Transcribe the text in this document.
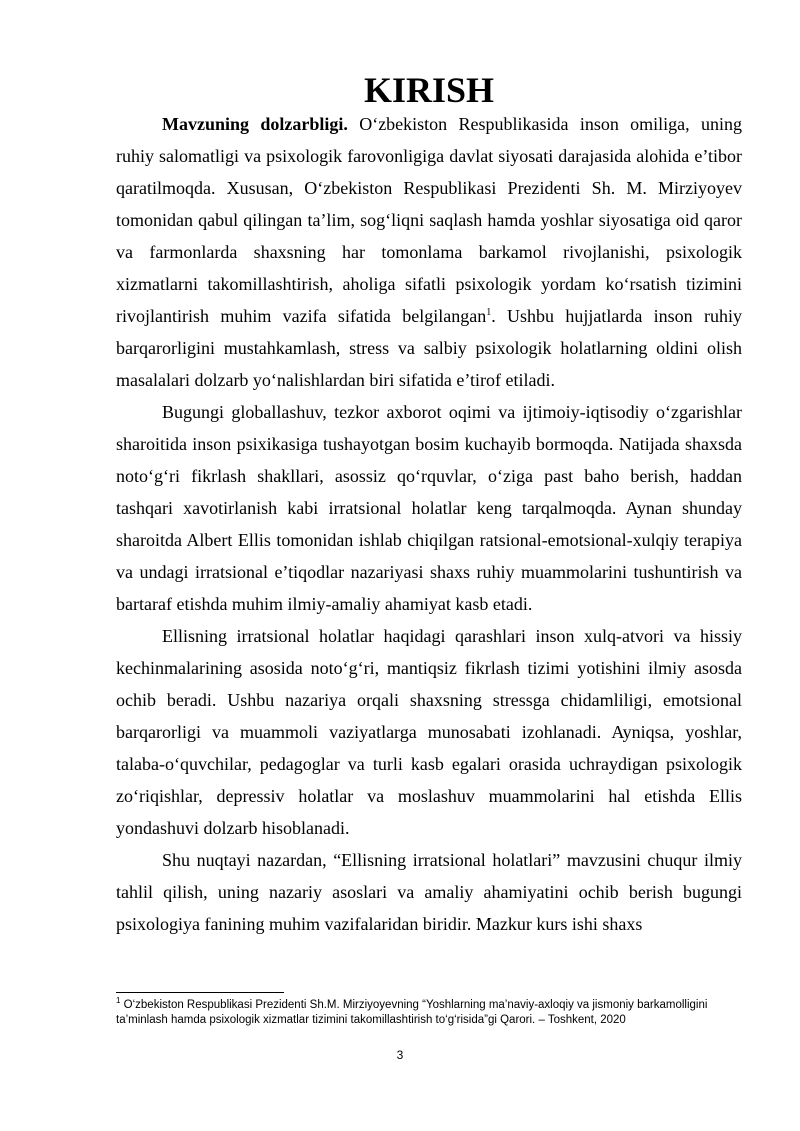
KIRISH

Mavzuning dolzarbligi. O‘zbekiston Respublikasida inson omiliga, uning ruhiy salomatligi va psixologik farovonligiga davlat siyosati darajasida alohida e’tibor qaratilmoqda. Xususan, O‘zbekiston Respublikasi Prezidenti Sh. M. Mirziyoyev tomonidan qabul qilingan ta’lim, sog‘liqni saqlash hamda yoshlar siyosatiga oid qaror va farmonlarda shaxsning har tomonlama barkamol rivojlanishi, psixologik xizmatlarni takomillashtirish, aholiga sifatli psixologik yordam ko‘rsatish tizimini rivojlantirish muhim vazifa sifatida belgilangan$^1$. Ushbu hujjatlarda inson ruhiy barqarorligini mustahkamlash, stress va salbiy psixologik holatlarning oldini olish masalalari dolzarb yo‘nalishlardan biri sifatida e’tirof etiladi.

Bugungi globallashuv, tezkor axborot oqimi va ijtimoiy-iqtisodiy o‘zgarishlar sharoitida inson psixikasiga tushayotgan bosim kuchayib bormoqda. Natijada shaxsda noto‘g‘ri fikrlash shakllari, asossiz qo‘rquvlar, o‘ziga past baho berish, haddan tashqari xavotirlanish kabi irratsional holatlar keng tarqalmoqda. Aynan shunday sharoitda Albert Ellis tomonidan ishlab chiqilgan ratsional-emotsional-xulqiy terapiya va undagi irratsional e’tiqodlar nazariyasi shaxs ruhiy muammolarini tushuntirish va bartaraf etishda muhim ilmiy-amaliy ahamiyat kasb etadi.

Ellisning irratsional holatlar haqidagi qarashlari inson xulq-atvori va hissiy kechinmalarining asosida noto‘g‘ri, mantiqsiz fikrlash tizimi yotishini ilmiy asosda ochib beradi. Ushbu nazariya orqali shaxsning stressga chidamliligi, emotsional barqarorligi va muammoli vaziyatlarga munosabati izohlanadi. Ayniqsa, yoshlar, talaba-o‘quvchilar, pedagoglar va turli kasb egalari orasida uchraydigan psixologik zo‘riqishlar, depressiv holatlar va moslashuv muammolarini hal etishda Ellis yondashuvi dolzarb hisoblanadi.

Shu nuqtayi nazardan, “Ellisning irratsional holatlari” mavzusini chuqur ilmiy tahlil qilish, uning nazariy asoslari va amaliy ahamiyatini ochib berish bugungi psixologiya fanining muhim vazifalaridan biridir. Mazkur kurs ishi shaxs

$^1$ O‘zbekiston Respublikasi Prezidenti Sh.M. Mirziyoyevning “Yoshlarning ma’naviy-axloqiy va jismoniy barkamolligini ta’minlash hamda psixologik xizmatlar tizimini takomillashtirish to‘g‘risida”gi Qarori. – Toshkent, 2020

3
